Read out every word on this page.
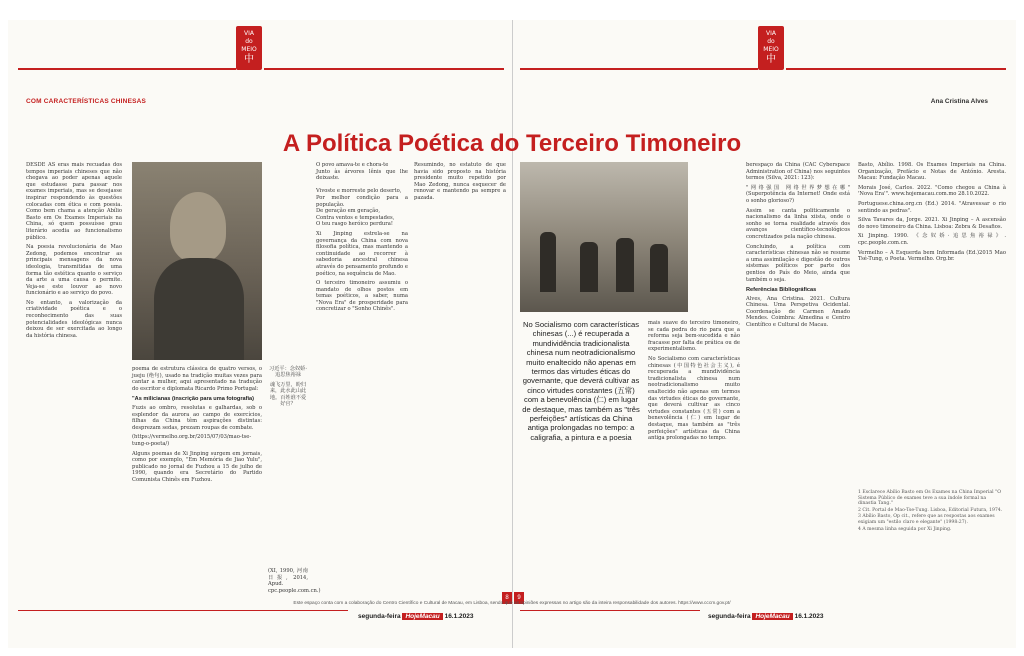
VIA
do
MEIO
中
VIA
do
MEIO
中
COM CARACTERÍSTICAS CHINESAS	Ana Cristina Alves
A Política Poética do Terceiro Timoneiro

DESDE AS eras mais recuadas dos tempos imperiais chineses que não chegava ao poder apenas aquele que estudasse para passar nos exames imperiais, mas se desejasse inspirar respondendo às questões colocadas com ética e com poesia. Como bem chama a atenção Abílio Basto em Os Exames Imperiais na China, só quem possuísse grau literário acedia ao funcionalismo público.

Na poesia revolucionária de Mao Zedong, podemos encontrar as principais mensagens da nova ideologia, transmitidas de uma forma tão estética quanto o serviço da arte a uma causa o permite. Veja-se este louvor ao novo funcionário e ao serviço do povo.

No entanto, a valorização da criatividade poética e o reconhecimento das suas potencialidades ideológicas nunca deixou de ser exercitada ao longo da história chinesa.

poema de estrutura clássica de quatro versos, o jueju (绝句), usado na tradição muitas vezes para cantar a mulher, aqui apresentado na tradução do escritor e diplomata Ricardo Primo Portugal:

"As milicianas (inscrição para uma fotografia)

Fuzis ao ombro, resolutas e galhardas, sob o esplendor da aurora ao campo de exercícios, filhas da China têm aspirações distintas: desprezam sedas, prezam roupas de combate.

(https://vermelho.org.br/2015/07/03/mao-tse-tung-o-poeta/)

Alguns poemas de Xi Jinping surgem em jornais, como por exemplo, "Em Memória de Jiao Yulu", publicado no jornal de Fuzhou a 15 de julho de 1990, quando era Secretário do Partido Comunista Chinês em Fuzhou.

习近平：念奴娇·追思焦裕禄

魂飞万里，盼归来，此水此山此地。百姓谁不爱好官？

(XI, 1990, 河南日报, 2014, Apud. cpc.people.com.cn.)

O povo amava-te e chora-te
Junto às árvores lênis que lhe deixaste.

Vivoste e morreste pelo deserto,
Por melhor condição para a população.
De geração em geração,
Contra ventos e tempestades,
O teu rasgo heróico perdura!

Xi Jinping estrela-se na governança da China com nova filosofia política, mas mantendo a continuidade ao recorrer à sabedoria ancestral chinesa através do pensamento profundo e poético, na sequência de Mao.

O terceiro timoneiro assumiu o mandato de olhos postos em temas poéticos, a saber, numa "Nova Era" de prosperidade para concretizar o "Sonho Chinês".

Resumindo, no estatuto de que havia sido proposto na história presidente muito repetido por Mao Zedong, nunca esquecer de renovar e mantendo pa sempre a pazada.

No Socialismo com características chinesas (...) é recuperada a mundividência tradicionalista chinesa num neotradicionalismo muito enaltecido não apenas em termos das virtudes éticas do governante, que deverá cultivar as cinco virtudes constantes (五常) com a benevolência (仁) em lugar de destaque, mas também as "três perfeições" artísticas da China antiga prolongadas no tempo: a caligrafia, a pintura e a poesia

mais suave do terceiro timoneiro, se cada pedra do rio para que a reforma seja bem-sucedida e não fracasse por falta de prática ou de experimentalismo.

No Socialismo com características chinesas (中国特色社会主义), é recuperada a mundividência tradicionalista chinesa num neotradicionalismo muito enaltecido não apenas em termos das virtudes éticas do governante, que deverá cultivar as cinco virtudes constantes (五常) com a benevolência (仁) em lugar de destaque, mas também as "três perfeições" artísticas da China antiga prolongadas no tempo.

berespaço da China (CAC Cyberspace Administration of China) nos seguintes termos (Silva, 2021: 123):

"网络强国 网络世界梦想在哪" (Superpotência da Internet! Onde está o sonho glorioso?)

Assim se canta politicamente o nacionalismo da linha xiista, onde o sonho se torna realidade através dos avanços científico-tecnológicos concretizados pela nação chinesa.

Concluindo, a política com características chinesas não se resume a uma assimilação e digestão de outros sistemas políticos por parte dos gentios do País do Meio, ainda que também o seja.

Referências Bibliográficas

Alves, Ana Cristina. 2021. Cultura Chinesa. Uma Perspetiva Ocidental. Coordenação de Carmen Amado Mendes. Coimbra: Almedina e Centro Científico e Cultural de Macau.

Basto, Abílio. 1998. Os Exames Imperiais na China. Organização, Prefácio e Notas de António. Aresta. Macau: Fundação Macau.

Morais José, Carlos. 2022. "Como chegou a China à 'Nova Era'". www.hojemacau.com.mo 28.10.2022.

Portuguese.china.org.cn (Ed.) 2014. "Atravessar o rio sentindo as pedras".

Silva Tavares da, Jorge. 2021. Xi Jinping – A ascensão do novo timoneiro da China. Lisboa: Zebra & Desafios.

Xi Jinping. 1990. 《念奴娇·追思焦裕禄》. cpc.people.com.cn.

Vermelho – A Esquerda bem Informada (Ed.)2015 Mao Tsé-Tung, o Poeta. Vermelho. Org.br.

1 Esclarece Abílio Basto em Os Exames na China Imperial "O Sistema Público de exames teve a sua índole formal na dinastia Tang."
2 Cit. Portal de Mao-Tse-Tung. Lisboa, Editorial Futura, 1974.
3 Abílio Basto, Op cit., refere que as respostas aos exames exigiam um "estilo claro e elegante" (1998:27).
4 A mesma linha seguida por Xi Jinping.
8	9
Este espaço conta com a colaboração do Centro Científico e Cultural de Macau, em Lisboa, sendo que as opiniões expressas no artigo são da inteira responsabilidade dos autores. https://www.cccm.gov.pt/
segunda-feira HojeMacau 16.1.2023	segunda-feira HojeMacau 16.1.2023
